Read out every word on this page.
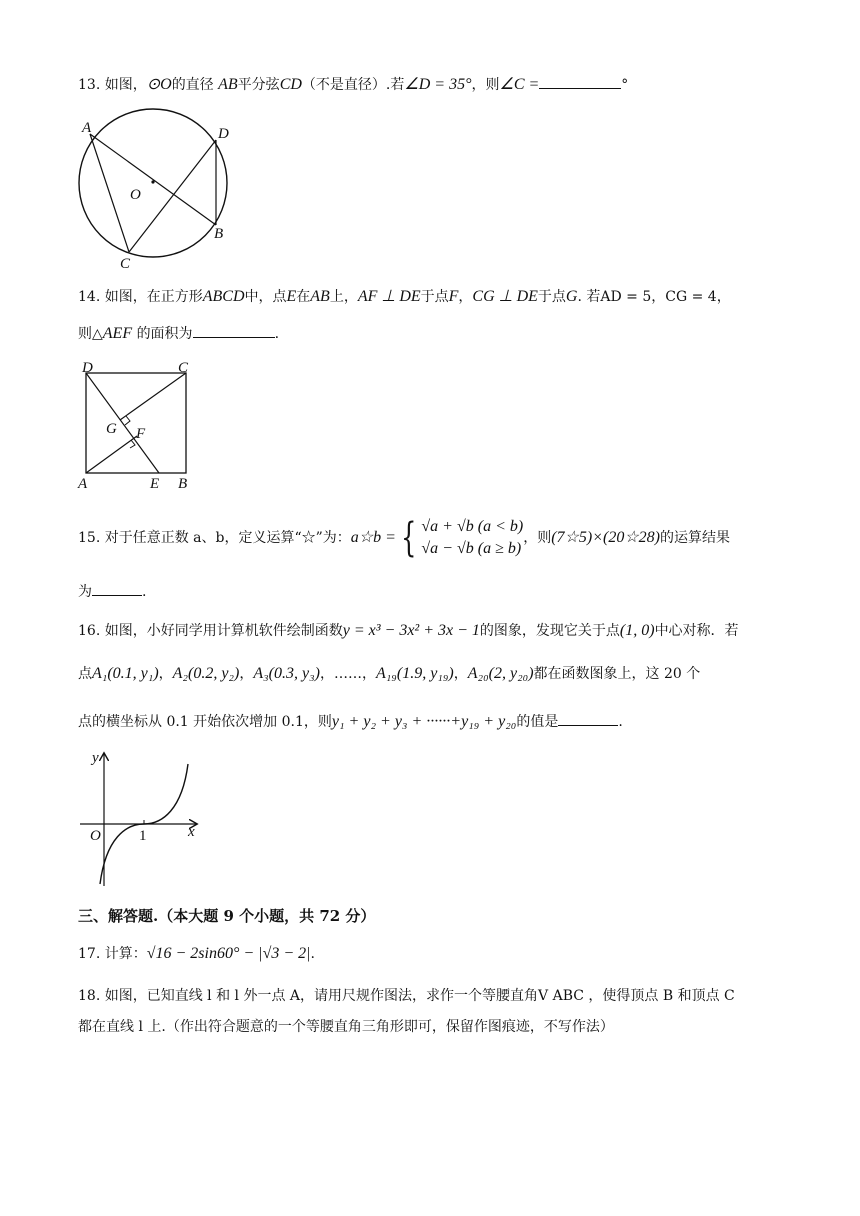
13. 如图，⊙O的直径 AB平分弦CD（不是直径）.若∠D = 35°，则∠C =	°
A	D
O
B
C
14. 如图，在正方形ABCD中，点E在AB上，AF ⊥ DE于点F，CG ⊥ DE于点G. 若AD = 5，CG = 4，
则△AEF 的面积为	.
D	C
G F
A	E B
15. 对于任意正数 a、b，定义运算“☆”为：a☆b = { √a + √b (a < b)
√a − √b (a ≥ b)，则(7☆5)×(20☆28)的运算结果
为	.
16. 如图，小好同学用计算机软件绘制函数y = x³ − 3x² + 3x − 1的图象，发现它关于点(1, 0)中心对称．若
点A₁(0.1, y₁)，A₂(0.2, y₂)，A₃(0.3, y₃)，……，A₁₉(1.9, y₁₉)，A₂₀(2, y₂₀)都在函数图象上，这 20 个
点的横坐标从 0.1 开始依次增加 0.1，则y₁ + y₂ + y₃ + ······+y₁₉ + y₂₀的值是	.
y
x
O	1
三、解答题.（本大题 9 个小题，共 72 分）
17. 计算：√16 − 2sin60° − |√3 − 2|.
18. 如图，已知直线 l 和 l 外一点 A，请用尺规作图法，求作一个等腰直角V ABC ，使得顶点 B 和顶点 C
都在直线 l 上.（作出符合题意的一个等腰直角三角形即可，保留作图痕迹，不写作法）
